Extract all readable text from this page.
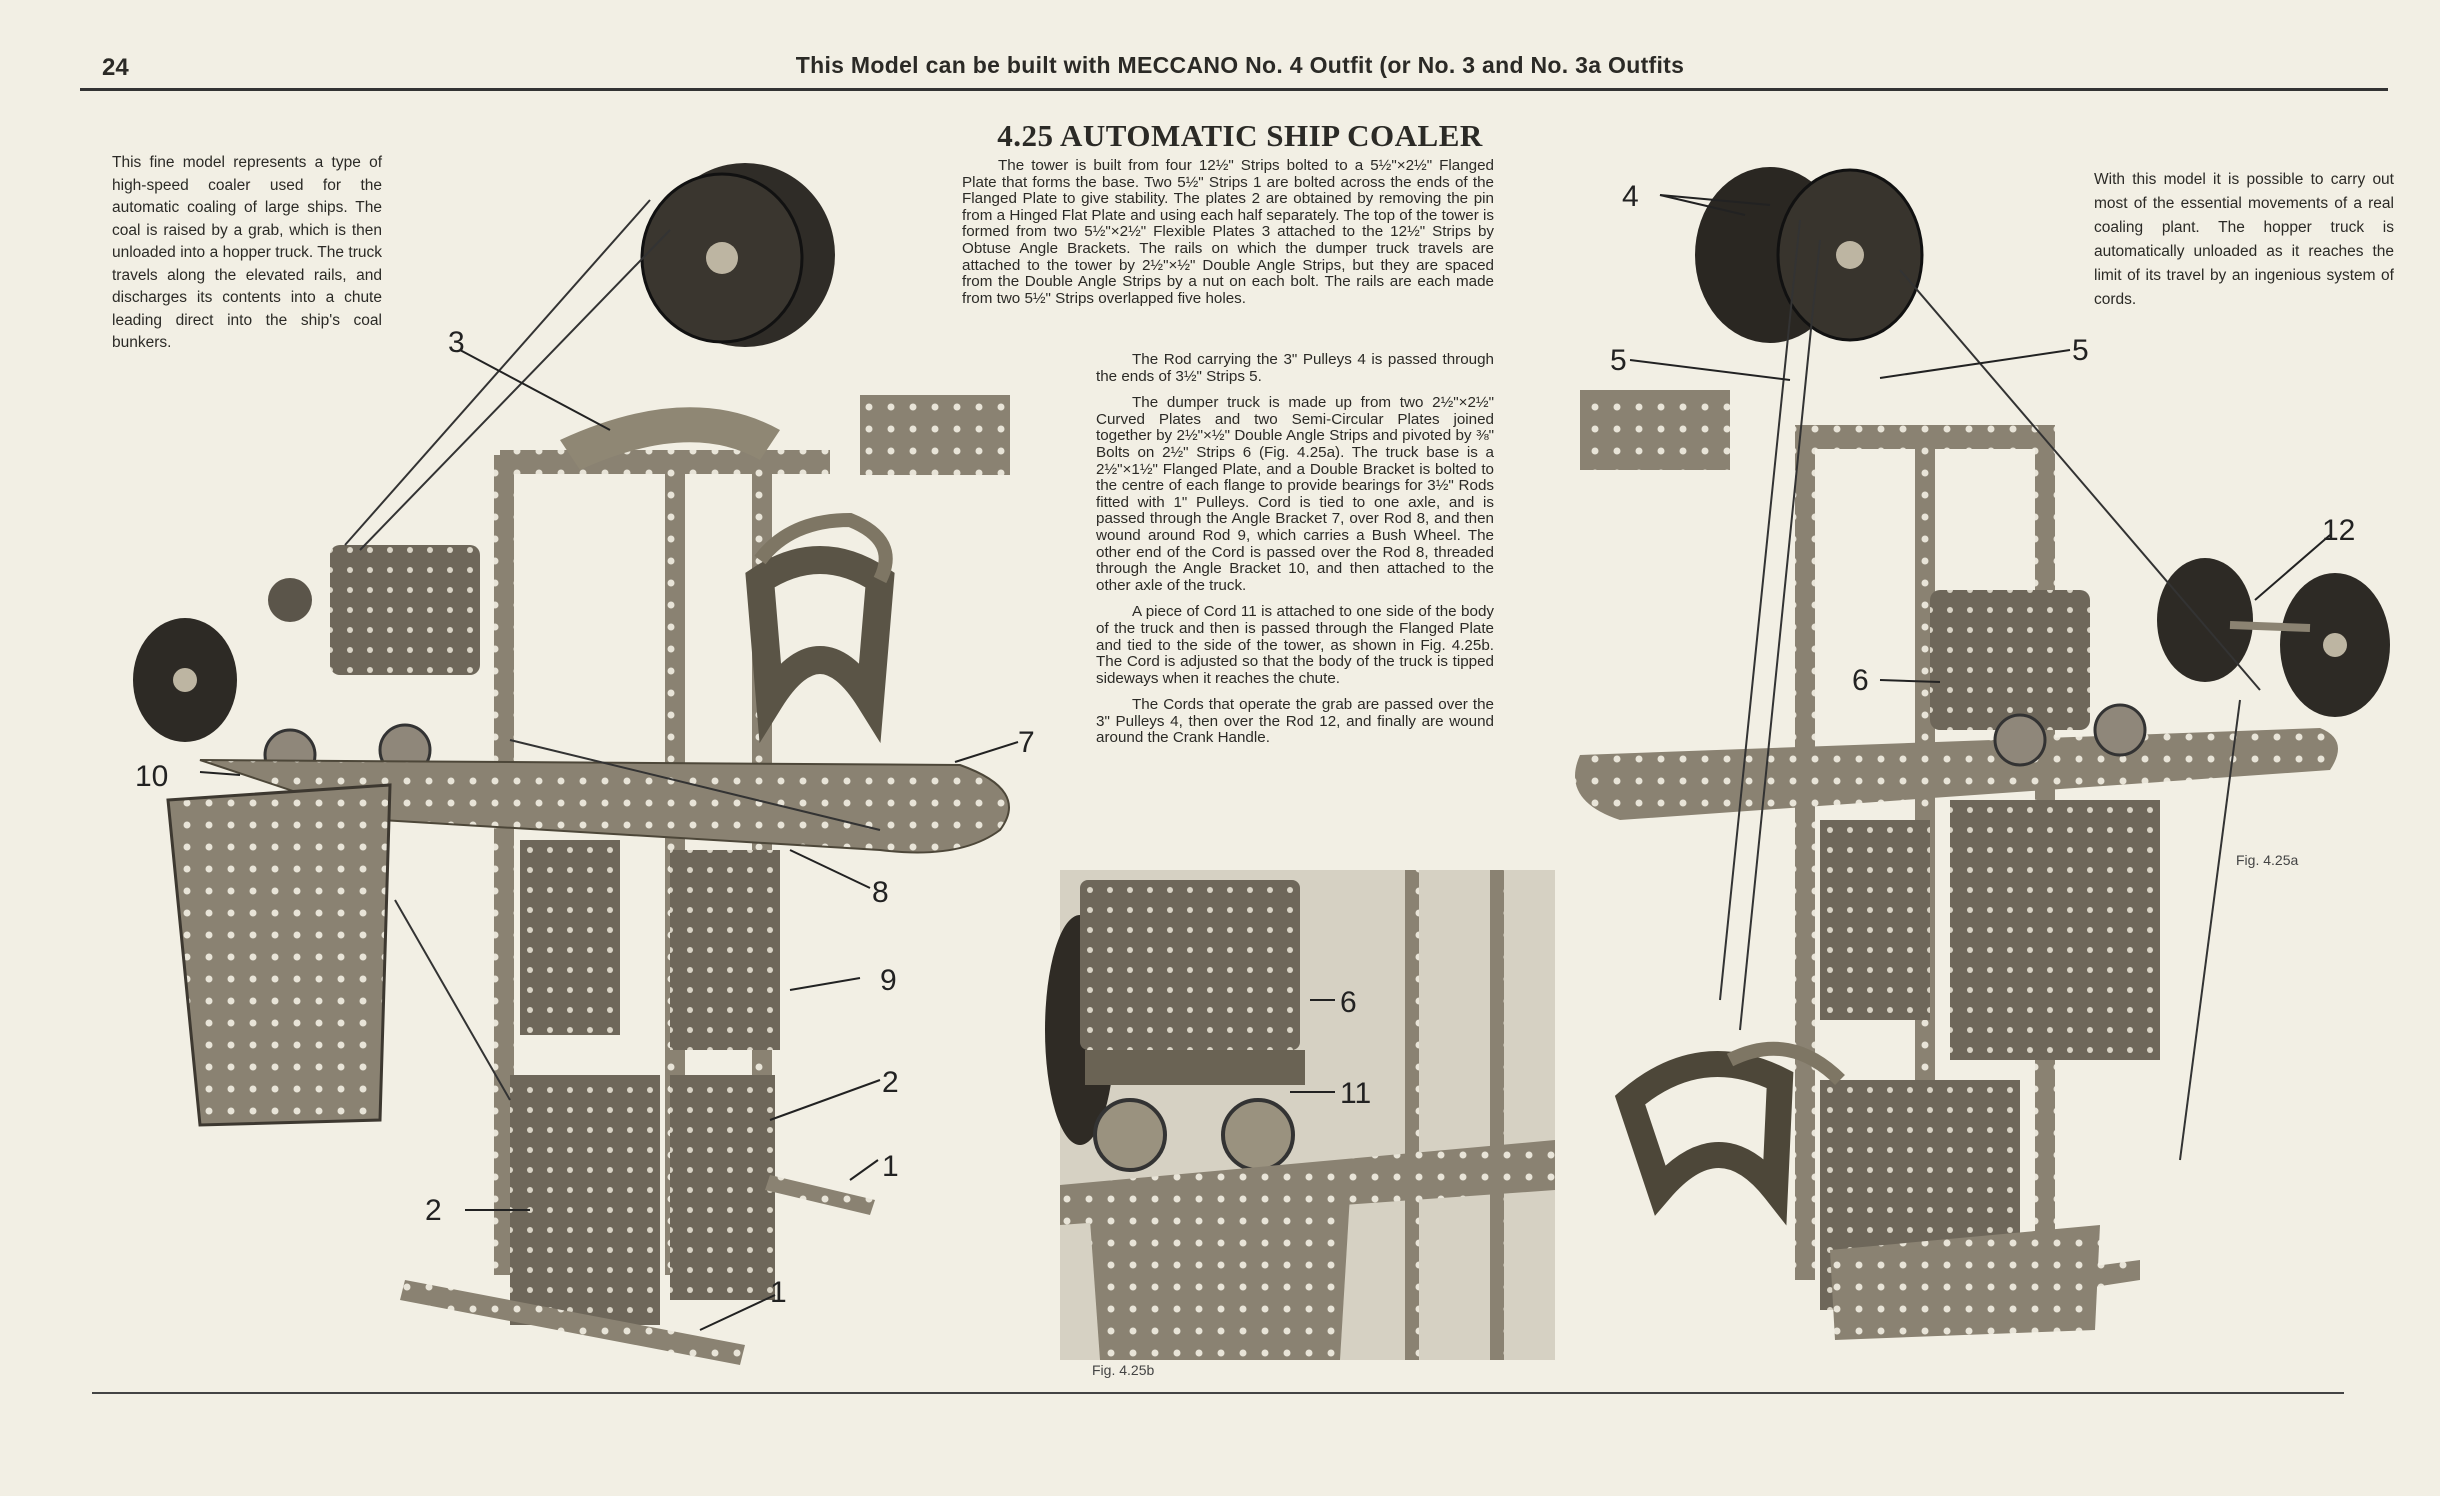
24	This Model can be built with MECCANO No. 4 Outfit (or No. 3 and No. 3a Outfits
4.25 AUTOMATIC SHIP COALER
This fine model represents a type of high-speed coaler used for the automatic coaling of large ships. The coal is raised by a grab, which is then unloaded into a hopper truck. The truck travels along the elevated rails, and discharges its contents into a chute leading direct into the ship's coal bunkers.
With this model it is possible to carry out most of the essential movements of a real coaling plant. The hopper truck is automatically unloaded as it reaches the limit of its travel by an ingenious system of cords.

The tower is built from four 12½" Strips bolted to a 5½"×2½" Flanged Plate that forms the base. Two 5½" Strips 1 are bolted across the ends of the Flanged Plate to give stability. The plates 2 are obtained by removing the pin from a Hinged Flat Plate and using each half separately. The top of the tower is formed from two 5½"×2½" Flexible Plates 3 attached to the 12½" Strips by Obtuse Angle Brackets. The rails on which the dumper truck travels are attached to the tower by 2½"×½" Double Angle Strips, but they are spaced from the Double Angle Strips by a nut on each bolt. The rails are each made from two 5½" Strips overlapped five holes.

The Rod carrying the 3" Pulleys 4 is passed through the ends of 3½" Strips 5.

The dumper truck is made up from two 2½"×2½" Curved Plates and two Semi-Circular Plates joined together by 2½"×½" Double Angle Strips and pivoted by ⅜" Bolts on 2½" Strips 6 (Fig. 4.25a). The truck base is a 2½"×1½" Flanged Plate, and a Double Bracket is bolted to the centre of each flange to provide bearings for 3½" Rods fitted with 1" Pulleys. Cord is tied to one axle, and is passed through the Angle Bracket 7, over Rod 8, and then wound around Rod 9, which carries a Bush Wheel. The other end of the Cord is passed over the Rod 8, threaded through the Angle Bracket 10, and then attached to the other axle of the truck.

A piece of Cord 11 is attached to one side of the body of the truck and then is passed through the Flanged Plate and tied to the side of the tower, as shown in Fig. 4.25b. The Cord is adjusted so that the body of the truck is tipped sideways when it reaches the chute.

The Cords that operate the grab are passed over the 3" Pulleys 4, then over the Rod 12, and finally are wound around the Crank Handle.

3
10
7
8
9
2
2
1
1
6
11
4
5	5
12
6
Fig. 4.25b
Fig. 4.25a
